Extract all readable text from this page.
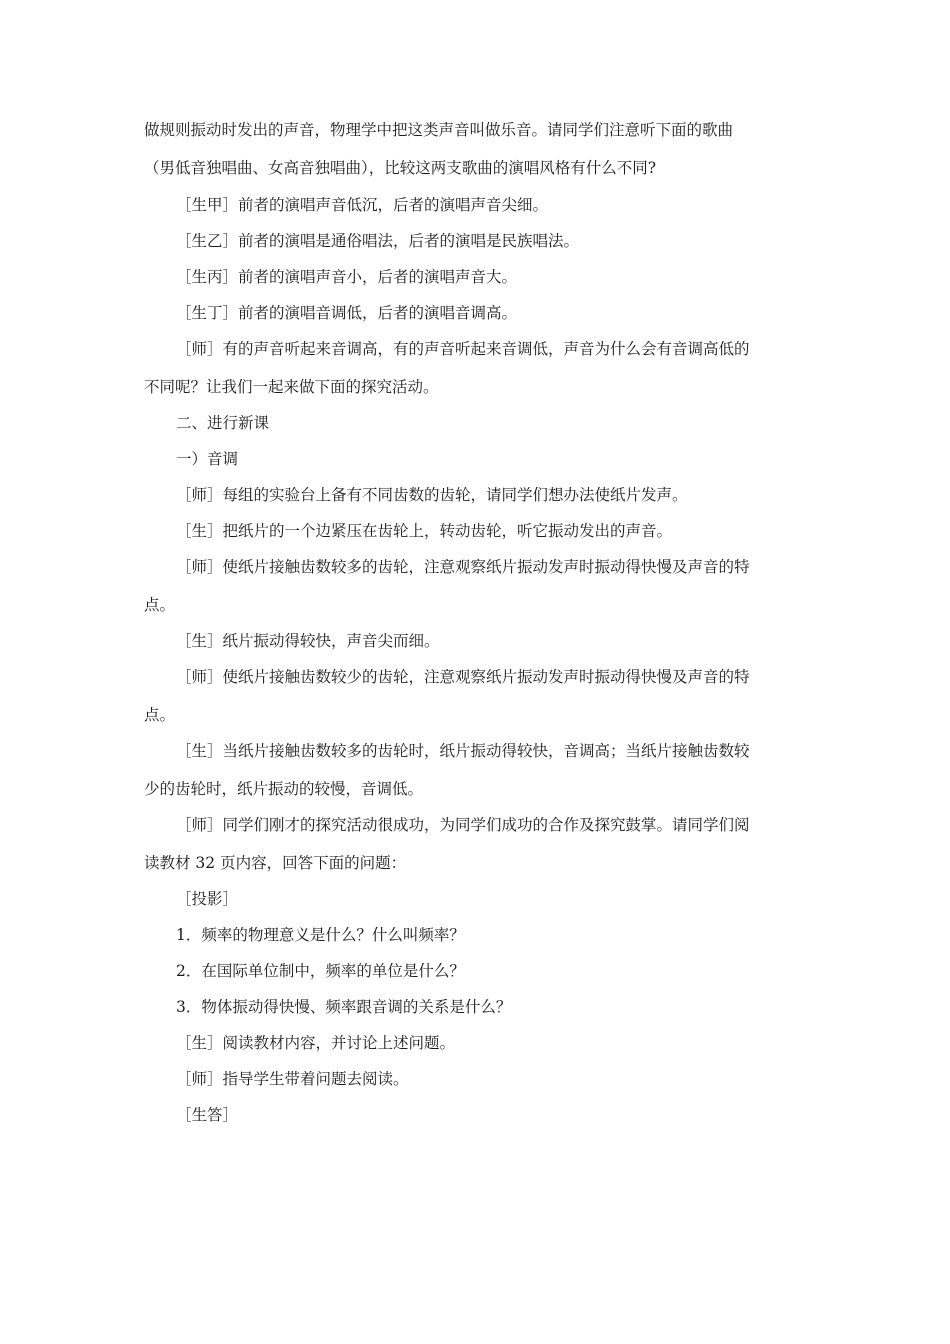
做规则振动时发出的声音，物理学中把这类声音叫做乐音。请同学们注意听下面的歌曲

（男低音独唱曲、女高音独唱曲），比较这两支歌曲的演唱风格有什么不同?

［生甲］前者的演唱声音低沉，后者的演唱声音尖细。

［生乙］前者的演唱是通俗唱法，后者的演唱是民族唱法。

［生丙］前者的演唱声音小，后者的演唱声音大。

［生丁］前者的演唱音调低，后者的演唱音调高。

［师］有的声音听起来音调高，有的声音听起来音调低，声音为什么会有音调高低的

不同呢？让我们一起来做下面的探究活动。

二、进行新课

一）音调

［师］每组的实验台上备有不同齿数的齿轮，请同学们想办法使纸片发声。

［生］把纸片的一个边紧压在齿轮上，转动齿轮，听它振动发出的声音。

［师］使纸片接触齿数较多的齿轮，注意观察纸片振动发声时振动得快慢及声音的特

点。

［生］纸片振动得较快，声音尖而细。

［师］使纸片接触齿数较少的齿轮，注意观察纸片振动发声时振动得快慢及声音的特

点。

［生］当纸片接触齿数较多的齿轮时，纸片振动得较快，音调高；当纸片接触齿数较

少的齿轮时，纸片振动的较慢，音调低。

［师］同学们刚才的探究活动很成功，为同学们成功的合作及探究鼓掌。请同学们阅

读教材 32 页内容，回答下面的问题：

［投影］

1．频率的物理意义是什么？什么叫频率？

2．在国际单位制中，频率的单位是什么？

3．物体振动得快慢、频率跟音调的关系是什么？

［生］阅读教材内容，并讨论上述问题。

［师］指导学生带着问题去阅读。

［生答］
